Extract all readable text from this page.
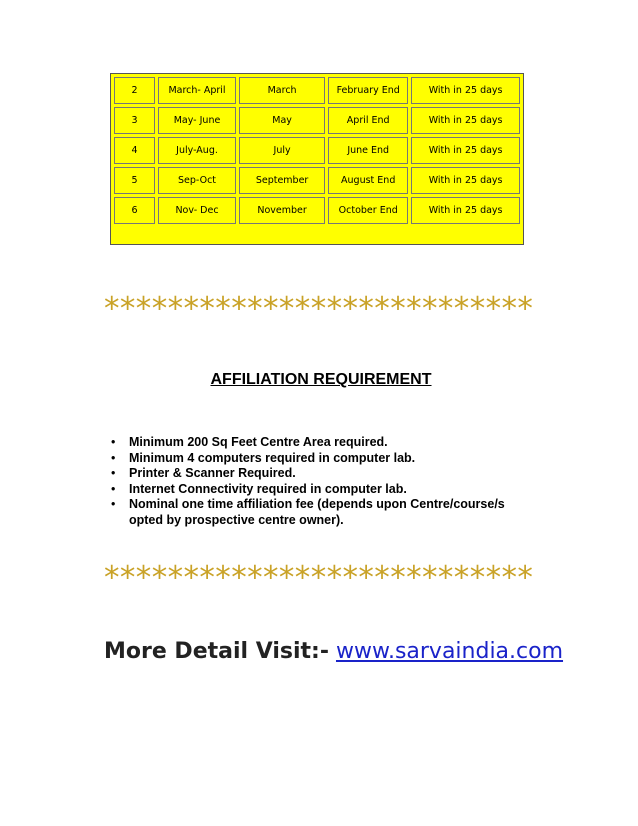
2	March- April	March	February End	With in 25 days
3	May- June	May	April End	With in 25 days
4	July-Aug.	July	June End	With in 25 days
5	Sep-Oct	September	August End	With in 25 days
6	Nov- Dec	November	October End	With in 25 days
***************************
AFFILIATION REQUIREMENT
• Minimum 200 Sq Feet Centre Area required.
• Minimum 4 computers required in computer lab.
• Printer & Scanner Required.
• Internet Connectivity required in computer lab.
• Nominal one time affiliation fee (depends upon Centre/course/s opted by prospective centre owner).
***************************
More Detail Visit:- www.sarvaindia.com
